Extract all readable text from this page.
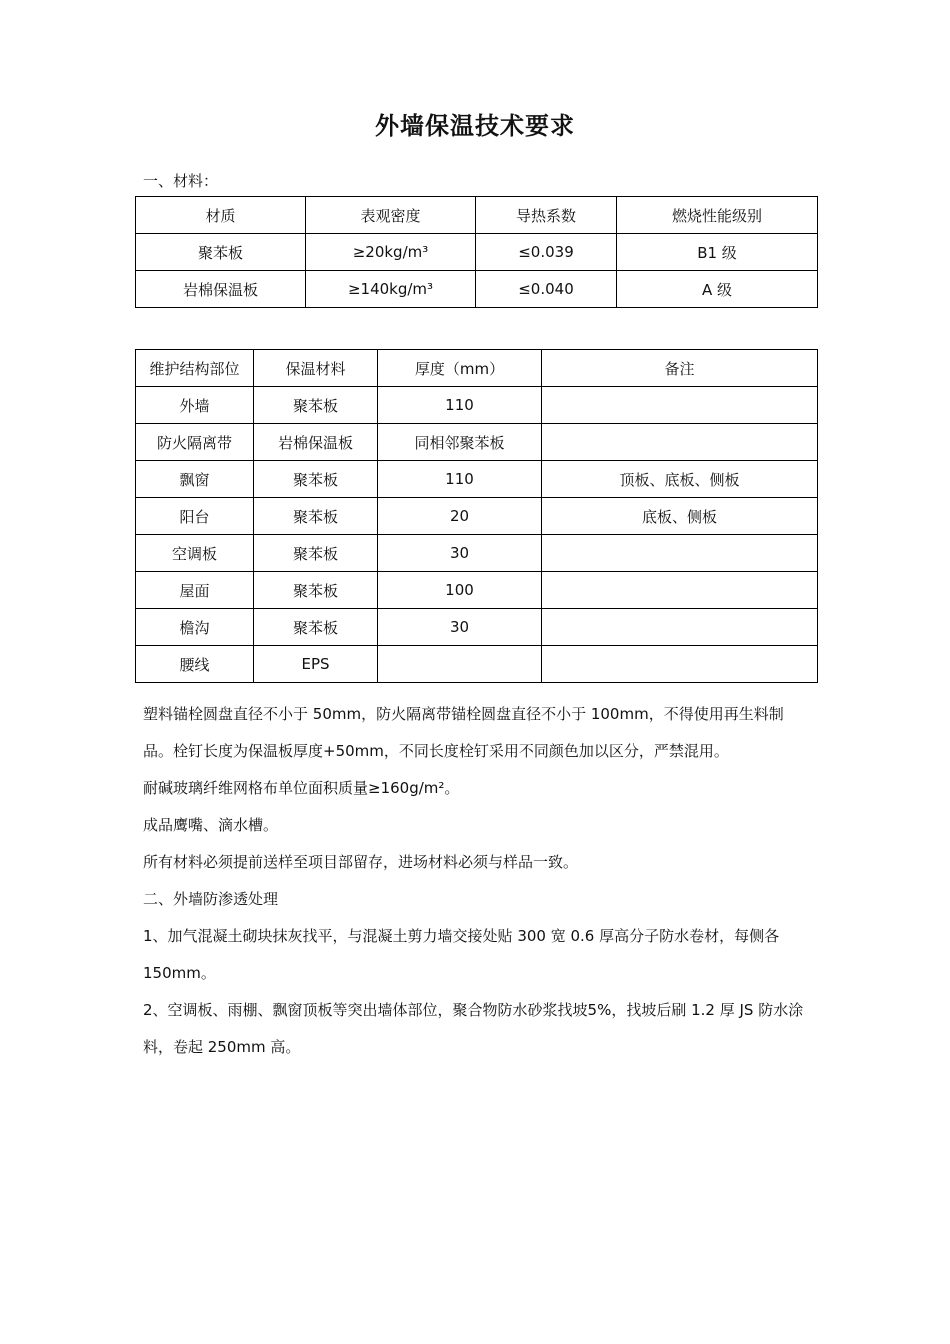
外墙保温技术要求
一、材料：
材质	表观密度	导热系数	燃烧性能级别
聚苯板	≥20kg/m³	≤0.039	B1 级
岩棉保温板	≥140kg/m³	≤0.040	A 级
维护结构部位	保温材料	厚度（mm）	备注
外墙	聚苯板	110	
防火隔离带	岩棉保温板	同相邻聚苯板	
飘窗	聚苯板	110	顶板、底板、侧板
阳台	聚苯板	20	底板、侧板
空调板	聚苯板	30	
屋面	聚苯板	100	
檐沟	聚苯板	30	
腰线	EPS		
塑料锚栓圆盘直径不小于 50mm，防火隔离带锚栓圆盘直径不小于 100mm，不得使用再生料制品。栓钉长度为保温板厚度+50mm，不同长度栓钉采用不同颜色加以区分，严禁混用。
耐碱玻璃纤维网格布单位面积质量≥160g/m²。
成品鹰嘴、滴水槽。
所有材料必须提前送样至项目部留存，进场材料必须与样品一致。
二、外墙防渗透处理
1、加气混凝土砌块抹灰找平，与混凝土剪力墙交接处贴 300 宽 0.6 厚高分子防水卷材，每侧各 150mm。
2、空调板、雨棚、飘窗顶板等突出墙体部位，聚合物防水砂浆找坡5%，找坡后刷 1.2 厚 JS 防水涂料，卷起 250mm 高。
